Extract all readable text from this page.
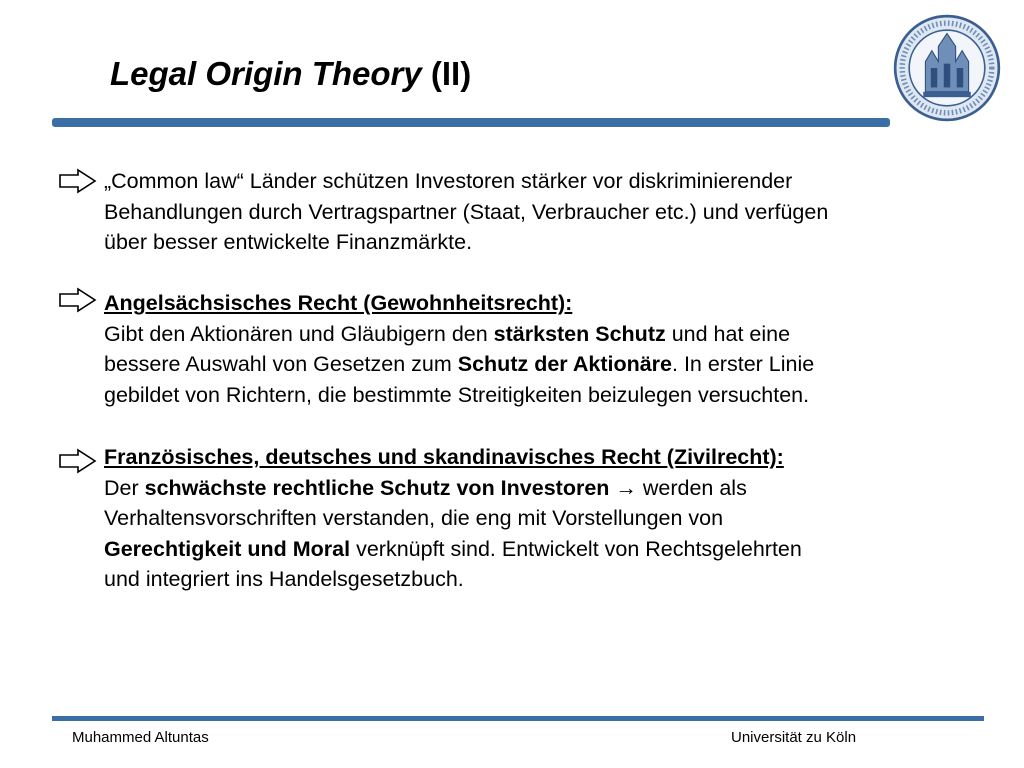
Legal Origin Theory (II)

„Common law“ Länder schützen Investoren stärker vor diskriminierender
Behandlungen durch Vertragspartner (Staat, Verbraucher etc.) und verfügen
über besser entwickelte Finanzmärkte.

Angelsächsisches Recht (Gewohnheitsrecht):
Gibt den Aktionären und Gläubigern den stärksten Schutz und hat eine
bessere Auswahl von Gesetzen zum Schutz der Aktionäre. In erster Linie
gebildet von Richtern, die bestimmte Streitigkeiten beizulegen versuchten.

Französisches, deutsches und skandinavisches Recht (Zivilrecht):
Der schwächste rechtliche Schutz von Investoren → werden als
Verhaltensvorschriften verstanden, die eng mit Vorstellungen von
Gerechtigkeit und Moral verknüpft sind. Entwickelt von Rechtsgelehrten
und integriert ins Handelsgesetzbuch.

Muhammed Altuntas	Universität zu Köln
